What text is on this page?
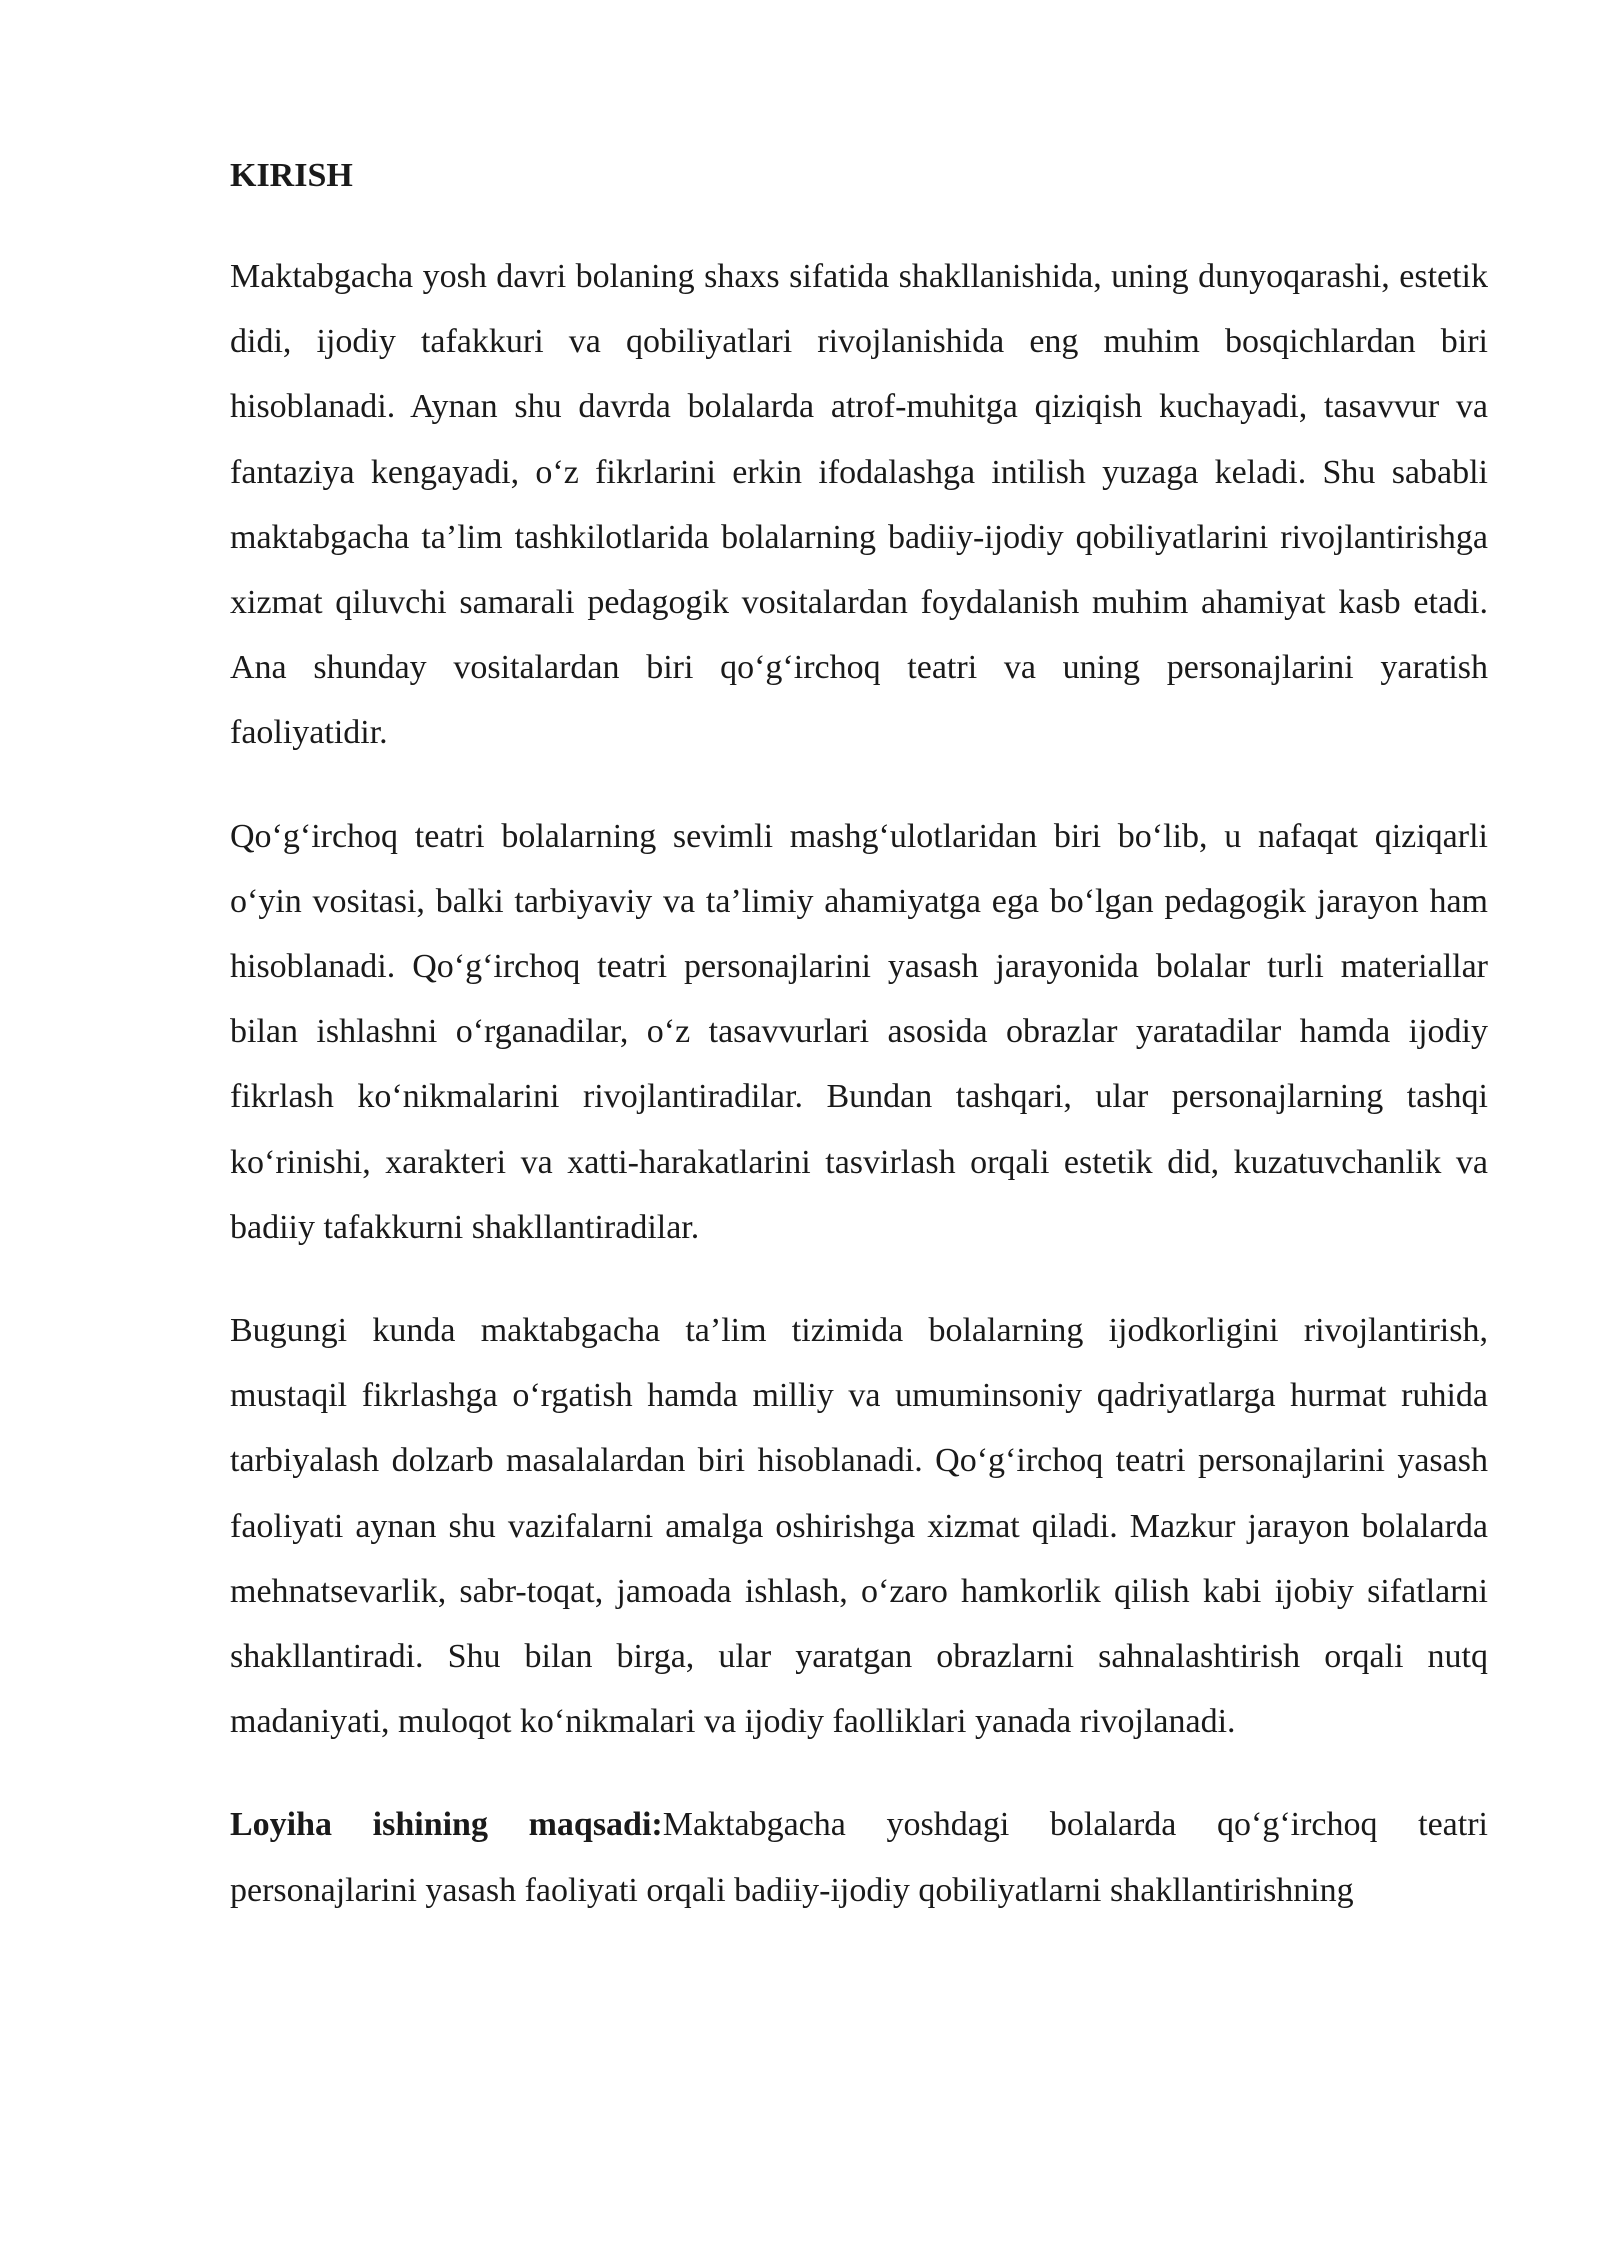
KIRISH

Maktabgacha yosh davri bolaning shaxs sifatida shakllanishida, uning dunyoqarashi, estetik didi, ijodiy tafakkuri va qobiliyatlari rivojlanishida eng muhim bosqichlardan biri hisoblanadi. Aynan shu davrda bolalarda atrof-muhitga qiziqish kuchayadi, tasavvur va fantaziya kengayadi, o‘z fikrlarini erkin ifodalashga intilish yuzaga keladi. Shu sababli maktabgacha ta’lim tashkilotlarida bolalarning badiiy-ijodiy qobiliyatlarini rivojlantirishga xizmat qiluvchi samarali pedagogik vositalardan foydalanish muhim ahamiyat kasb etadi. Ana shunday vositalardan biri qo‘g‘irchoq teatri va uning personajlarini yaratish faoliyatidir.

Qo‘g‘irchoq teatri bolalarning sevimli mashg‘ulotlaridan biri bo‘lib, u nafaqat qiziqarli o‘yin vositasi, balki tarbiyaviy va ta’limiy ahamiyatga ega bo‘lgan pedagogik jarayon ham hisoblanadi. Qo‘g‘irchoq teatri personajlarini yasash jarayonida bolalar turli materiallar bilan ishlashni o‘rganadilar, o‘z tasavvurlari asosida obrazlar yaratadilar hamda ijodiy fikrlash ko‘nikmalarini rivojlantiradilar. Bundan tashqari, ular personajlarning tashqi ko‘rinishi, xarakteri va xatti-harakatlarini tasvirlash orqali estetik did, kuzatuvchanlik va badiiy tafakkurni shakllantiradilar.

Bugungi kunda maktabgacha ta’lim tizimida bolalarning ijodkorligini rivojlantirish, mustaqil fikrlashga o‘rgatish hamda milliy va umuminsoniy qadriyatlarga hurmat ruhida tarbiyalash dolzarb masalalardan biri hisoblanadi. Qo‘g‘irchoq teatri personajlarini yasash faoliyati aynan shu vazifalarni amalga oshirishga xizmat qiladi. Mazkur jarayon bolalarda mehnatsevarlik, sabr-toqat, jamoada ishlash, o‘zaro hamkorlik qilish kabi ijobiy sifatlarni shakllantiradi. Shu bilan birga, ular yaratgan obrazlarni sahnalashtirish orqali nutq madaniyati, muloqot ko‘nikmalari va ijodiy faolliklari yanada rivojlanadi.

Loyiha ishining maqsadi:Maktabgacha yoshdagi bolalarda qo‘g‘irchoq teatri personajlarini yasash faoliyati orqali badiiy-ijodiy qobiliyatlarni shakllantirishning
